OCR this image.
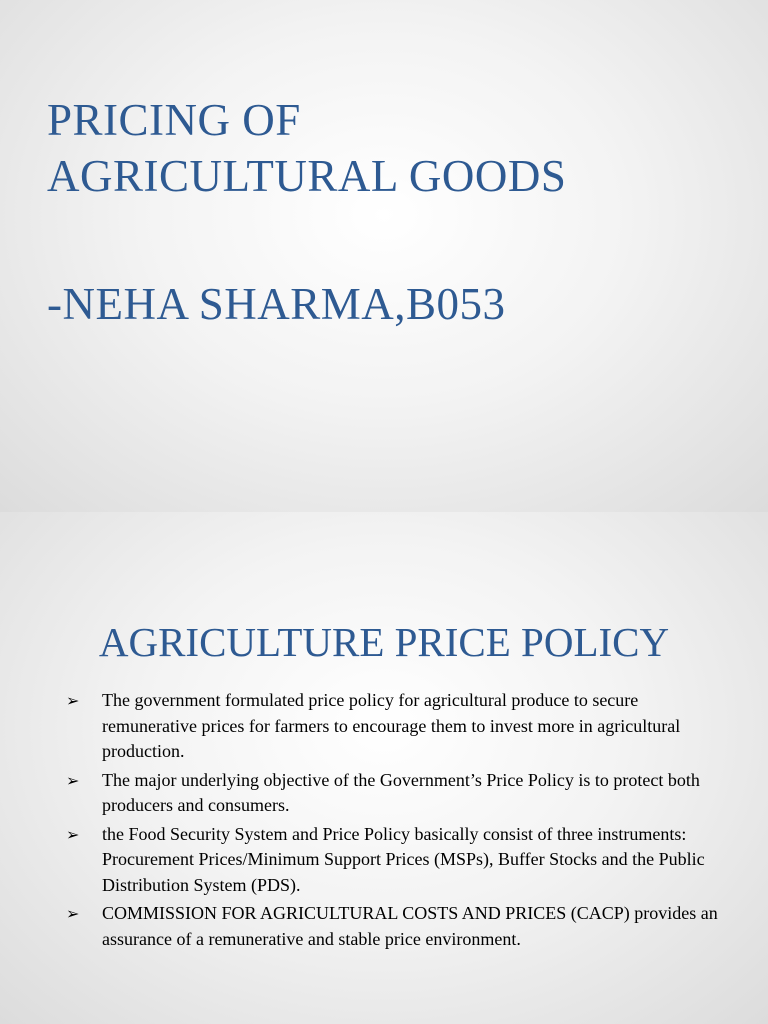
PRICING OF
AGRICULTURAL GOODS
-NEHA SHARMA,B053
AGRICULTURE PRICE POLICY
➢ The government formulated price policy for agricultural produce to secure remunerative prices for farmers to encourage them to invest more in agricultural production.
➢ The major underlying objective of the Government’s Price Policy is to protect both producers and consumers.
➢ the Food Security System and Price Policy basically consist of three instruments: Procurement Prices/Minimum Support Prices (MSPs), Buffer Stocks and the Public Distribution System (PDS).
➢ COMMISSION FOR AGRICULTURAL COSTS AND PRICES (CACP) provides an assurance of a remunerative and stable price environment.
